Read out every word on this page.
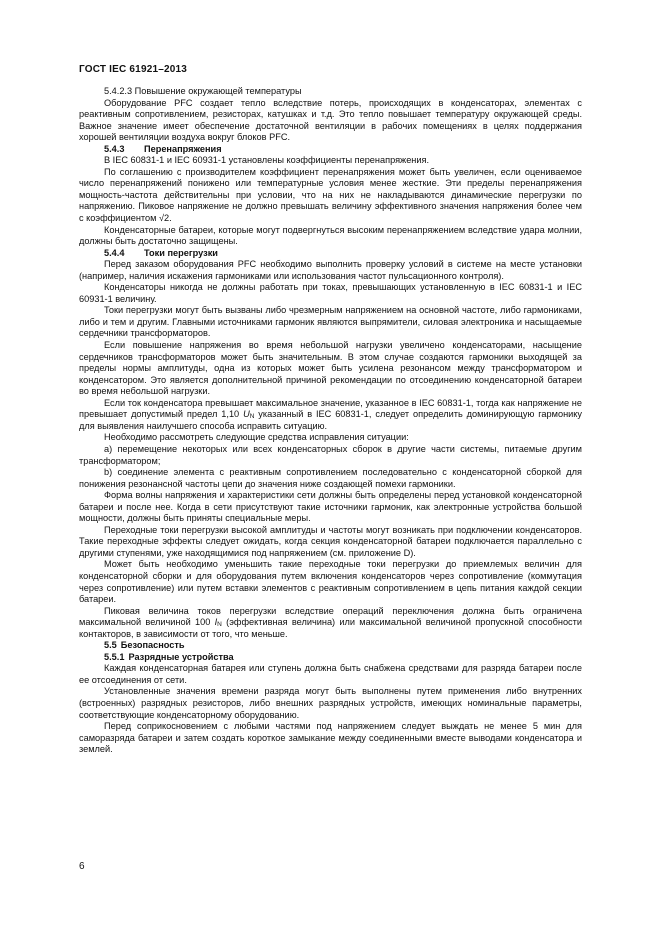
ГОСТ IEC 61921–2013

5.4.2.3 Повышение окружающей температуры

Оборудование PFC создает тепло вследствие потерь, происходящих в конденсаторах, элементах с реактивным сопротивлением, резисторах, катушках и т.д. Это тепло повышает температуру окружающей среды. Важное значение имеет обеспечение достаточной вентиляции в рабочих помещениях в целях поддержания хорошей вентиляции воздуха вокруг блоков PFC.

5.4.3 Перенапряжения

В IEC 60831-1 и IEC 60931-1 установлены коэффициенты перенапряжения.

По соглашению с производителем коэффициент перенапряжения может быть увеличен, если оцениваемое число перенапряжений понижено или температурные условия менее жесткие. Эти пределы перенапряжения мощность-частота действительны при условии, что на них не накладываются динамические перегрузки по напряжению. Пиковое напряжение не должно превышать величину эффективного значения напряжения более чем с коэффициентом √2.

Конденсаторные батареи, которые могут подвергнуться высоким перенапряжением вследствие удара молнии, должны быть достаточно защищены.

5.4.4 Токи перегрузки

Перед заказом оборудования PFC необходимо выполнить проверку условий в системе на месте установки (например, наличия искажения гармониками или использования частот пульсационного контроля).

Конденсаторы никогда не должны работать при токах, превышающих установленную в IEC 60831-1 и IEC 60931-1 величину.

Токи перегрузки могут быть вызваны либо чрезмерным напряжением на основной частоте, либо гармониками, либо и тем и другим. Главными источниками гармоник являются выпрямители, силовая электроника и насыщаемые сердечники трансформаторов.

Если повышение напряжения во время небольшой нагрузки увеличено конденсаторами, насыщение сердечников трансформаторов может быть значительным. В этом случае создаются гармоники выходящей за пределы нормы амплитуды, одна из которых может быть усилена резонансом между трансформатором и конденсатором. Это является дополнительной причиной рекомендации по отсоединению конденсаторной батареи во время небольшой нагрузки.

Если ток конденсатора превышает максимальное значение, указанное в IEC 60831-1, тогда как напряжение не превышает допустимый предел 1,10 $U_N$ указанный в IEC 60831-1, следует определить доминирующую гармонику для выявления наилучшего способа исправить ситуацию.

Необходимо рассмотреть следующие средства исправления ситуации:

a) перемещение некоторых или всех конденсаторных сборок в другие части системы, питаемые другим трансформатором;

b) соединение элемента с реактивным сопротивлением последовательно с конденсаторной сборкой для понижения резонансной частоты цепи до значения ниже создающей помехи гармоники.

Форма волны напряжения и характеристики сети должны быть определены перед установкой конденсаторной батареи и после нее. Когда в сети присутствуют такие источники гармоник, как электронные устройства большой мощности, должны быть приняты специальные меры.

Переходные токи перегрузки высокой амплитуды и частоты могут возникать при подключении конденсаторов. Такие переходные эффекты следует ожидать, когда секция конденсаторной батареи подключается параллельно с другими ступенями, уже находящимися под напряжением (см. приложение D).

Может быть необходимо уменьшить такие переходные токи перегрузки до приемлемых величин для конденсаторной сборки и для оборудования путем включения конденсаторов через сопротивление (коммутация через сопротивление) или путем вставки элементов с реактивным сопротивлением в цепь питания каждой секции батареи.

Пиковая величина токов перегрузки вследствие операций переключения должна быть ограничена максимальной величиной 100 $I_N$ (эффективная величина) или максимальной величиной пропускной способности контакторов, в зависимости от того, что меньше.

5.5 Безопасность

5.5.1 Разрядные устройства

Каждая конденсаторная батарея или ступень должна быть снабжена средствами для разряда батареи после ее отсоединения от сети.

Установленные значения времени разряда могут быть выполнены путем применения либо внутренних (встроенных) разрядных резисторов, либо внешних разрядных устройств, имеющих номинальные параметры, соответствующие конденсаторному оборудованию.

Перед соприкосновением с любыми частями под напряжением следует выждать не менее 5 мин для саморазряда батареи и затем создать короткое замыкание между соединенными вместе выводами конденсатора и землей.

6
